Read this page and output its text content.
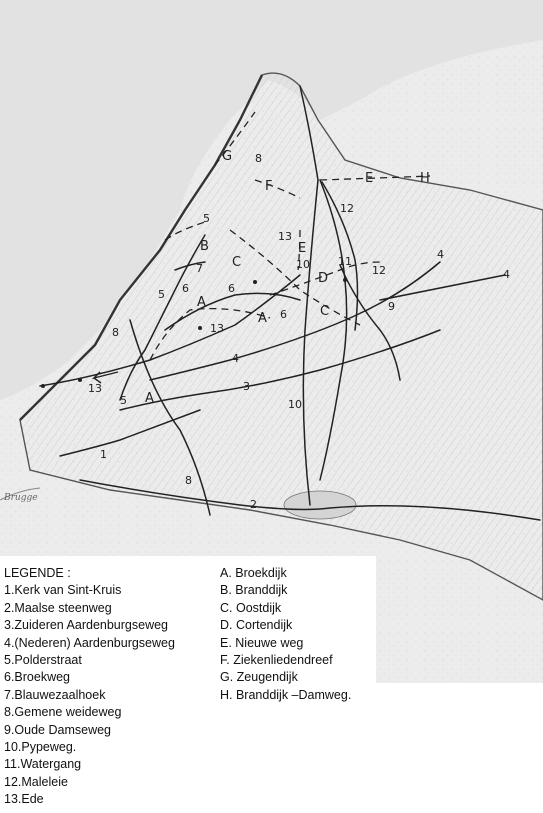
A
A
A
B
C
C
D
E
E
F
G
H
1
2
3
4
4
4
5
5
5
6	6
6
7
8
8
8
9
10
10	11
12
12
13
13
13
Brugge
LEGENDE :
1.Kerk van Sint-Kruis
2.Maalse steenweg
3.Zuideren Aardenburgseweg
4.(Nederen) Aardenburgseweg
5.Polderstraat
6.Broekweg
7.Blauwezaalhoek
8.Gemene weideweg
9.Oude Damseweg
10.Pypeweg.
11.Watergang
12.Maleleie
13.Ede
A. Broekdijk
B. Branddijk
C. Oostdijk
D. Cortendijk
E. Nieuwe weg
F. Ziekenliedendreef
G. Zeugendijk
H. Branddijk –Damweg.
